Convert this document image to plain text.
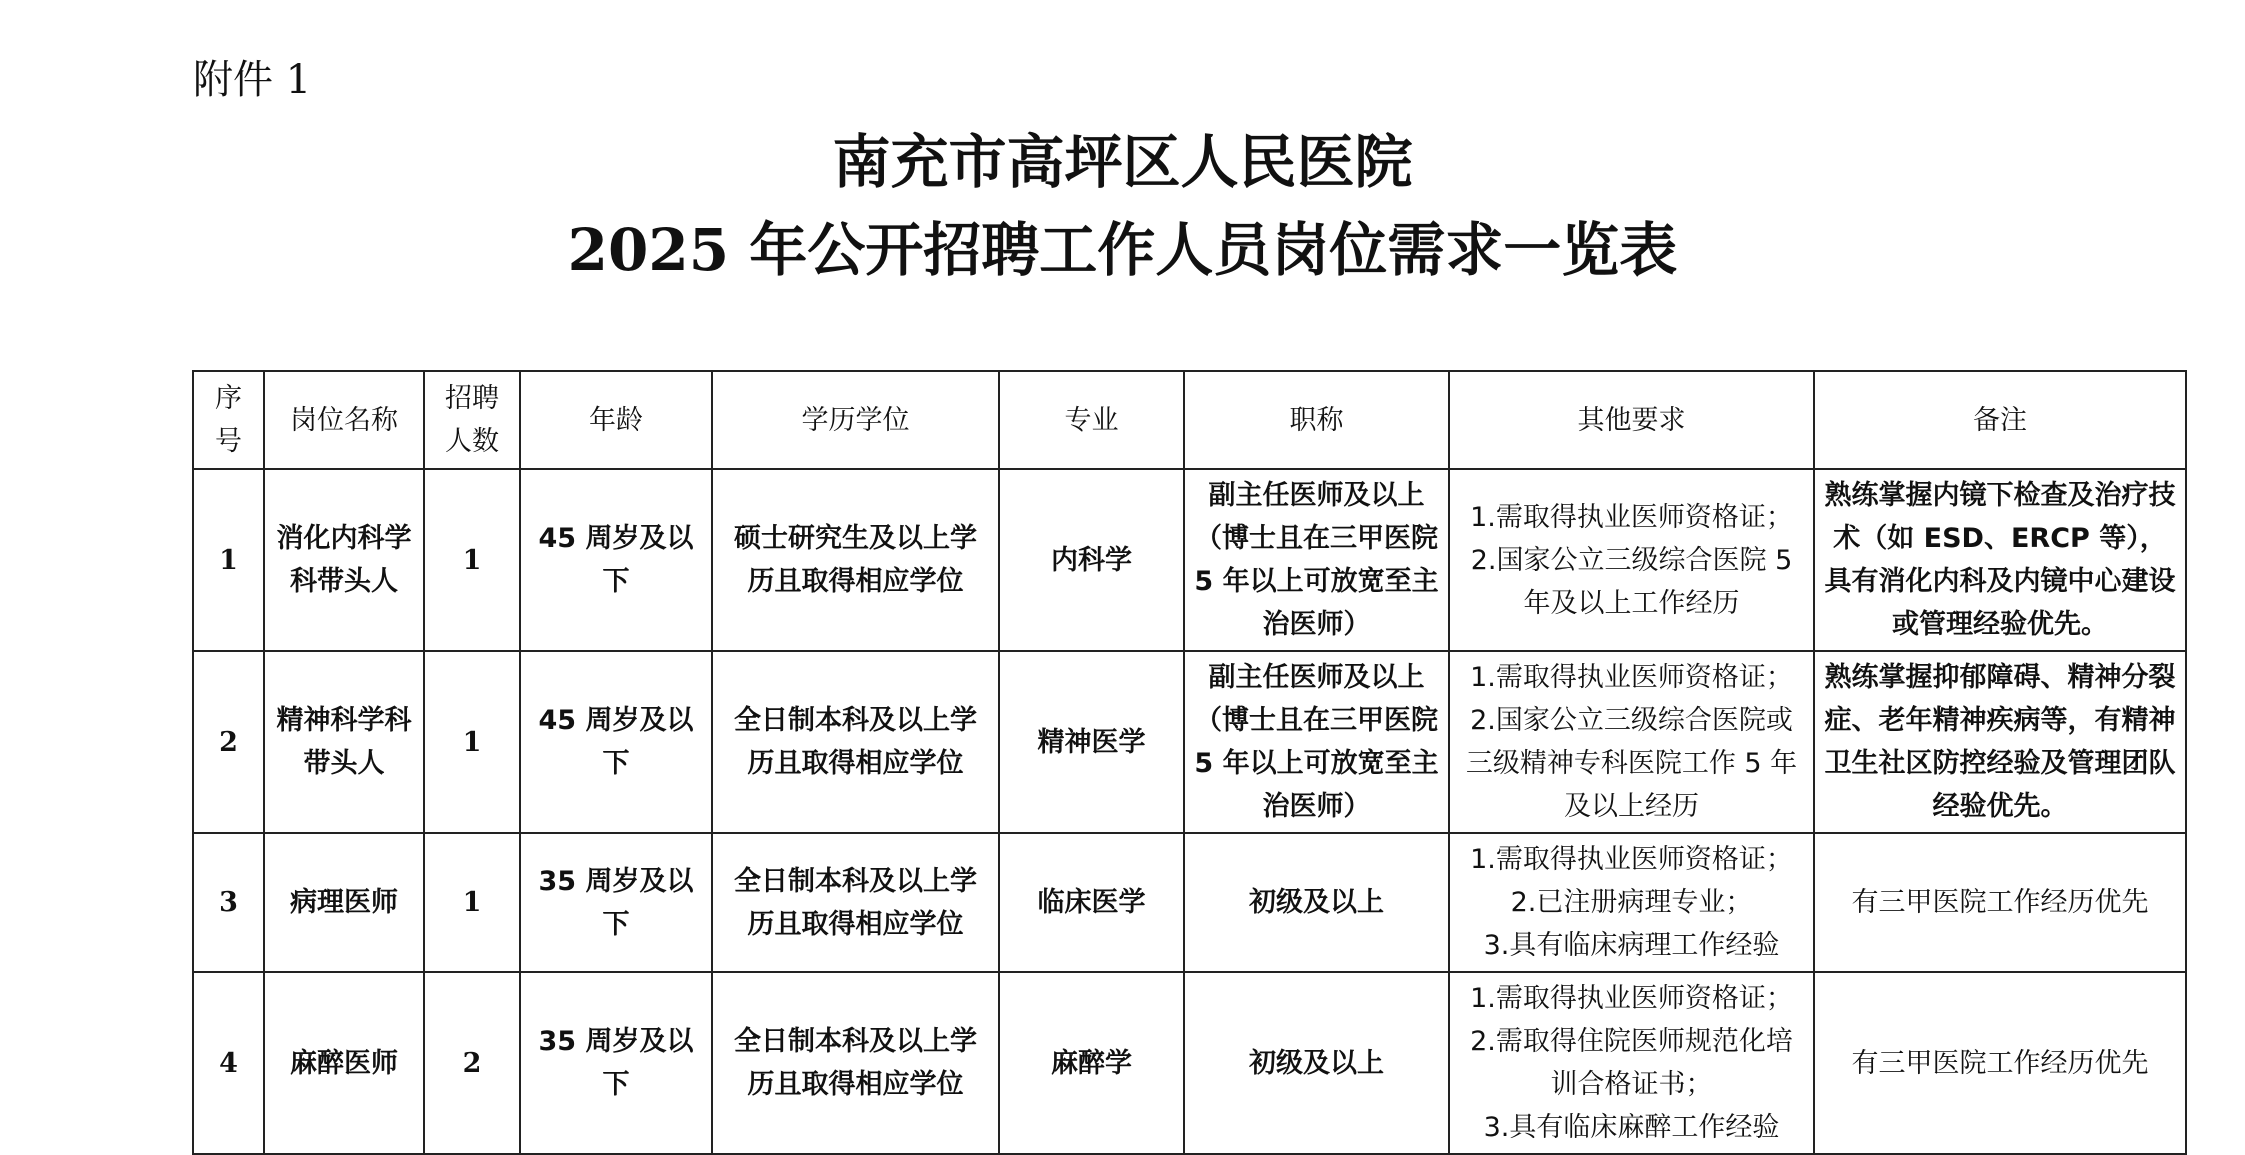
附件 1
南充市高坪区人民医院
2025 年公开招聘工作人员岗位需求一览表
序号	岗位名称	招聘人数	年龄	学历学位	专业	职称	其他要求	备注
1	消化内科学科带头人	1	45 周岁及以下	硕士研究生及以上学历且取得相应学位	内科学	副主任医师及以上（博士且在三甲医院 5 年以上可放宽至主治医师）	1.需取得执业医师资格证；
2.国家公立三级综合医院 5 年及以上工作经历	熟练掌握内镜下检查及治疗技术（如 ESD、ERCP 等），具有消化内科及内镜中心建设或管理经验优先。
2	精神科学科带头人	1	45 周岁及以下	全日制本科及以上学历且取得相应学位	精神医学	副主任医师及以上（博士且在三甲医院 5 年以上可放宽至主治医师）	1.需取得执业医师资格证；
2.国家公立三级综合医院或三级精神专科医院工作 5 年及以上经历	熟练掌握抑郁障碍、精神分裂症、老年精神疾病等，有精神卫生社区防控经验及管理团队经验优先。
3	病理医师	1	35 周岁及以下	全日制本科及以上学历且取得相应学位	临床医学	初级及以上	1.需取得执业医师资格证；
2.已注册病理专业；
3.具有临床病理工作经验	有三甲医院工作经历优先
4	麻醉医师	2	35 周岁及以下	全日制本科及以上学历且取得相应学位	麻醉学	初级及以上	1.需取得执业医师资格证；
2.需取得住院医师规范化培训合格证书；
3.具有临床麻醉工作经验	有三甲医院工作经历优先
